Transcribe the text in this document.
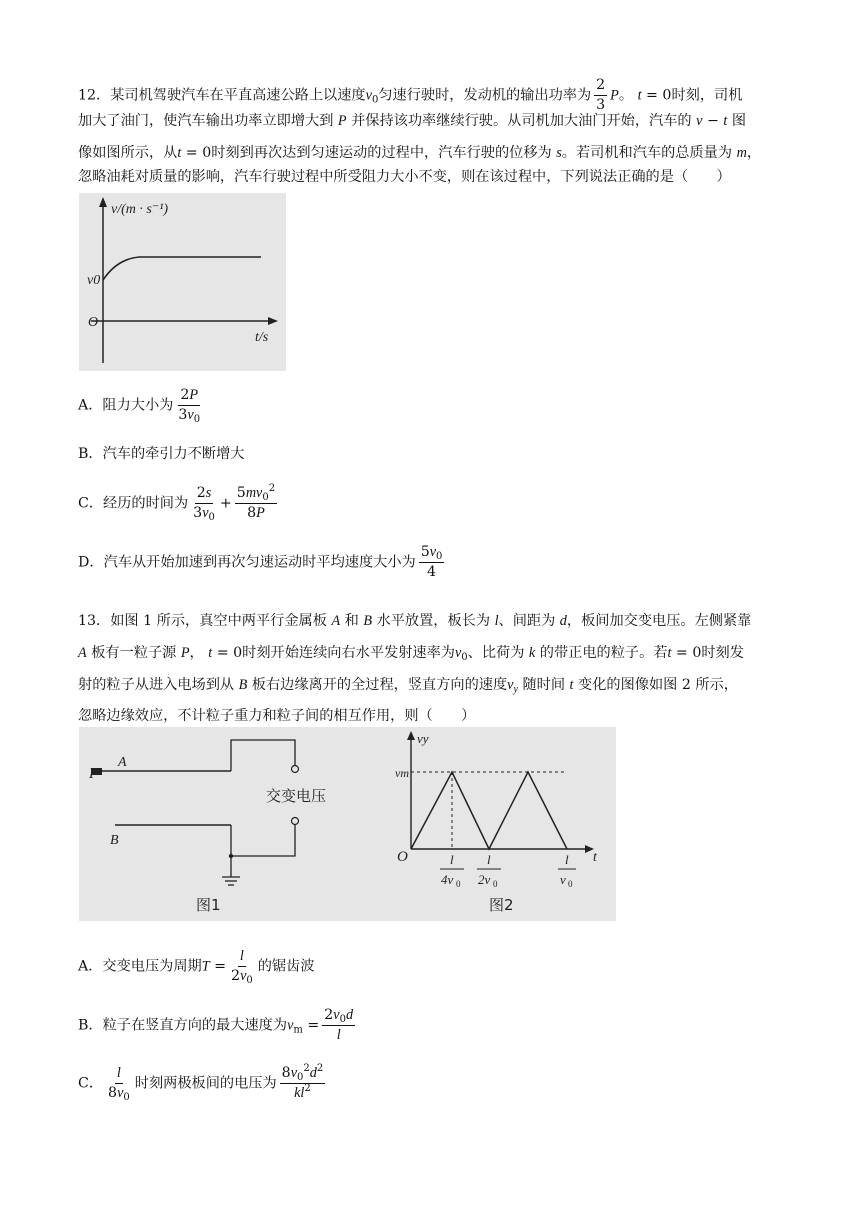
12．某司机驾驶汽车在平直高速公路上以速度$v_0$匀速行驶时，发动机的输出功率为 $\frac{2}{3}$ P。 t = 0时刻，司机
加大了油门，使汽车输出功率立即增大到 P 并保持该功率继续行驶。从司机加大油门开始，汽车的 v − t 图
像如图所示，从t = 0时刻到再次达到匀速运动的过程中，汽车行驶的位移为 s。若司机和汽车的总质量为 m，
忽略油耗对质量的影响，汽车行驶过程中所受阻力大小不变，则在该过程中，下列说法正确的是（　　）
v/(m · s⁻¹)
t/s
O
v0
A．阻力大小为 $\frac{2P}{3v_0}$
B．汽车的牵引力不断增大
C．经历的时间为 $\frac{2s}{3v_0} + \frac{5mv_0^2}{8P}$
D．汽车从开始加速到再次匀速运动时平均速度大小为 $\frac{5v_0}{4}$
13．如图 1 所示，真空中两平行金属板 A 和 B 水平放置，板长为 l、间距为 d，板间加交变电压。左侧紧靠
A 板有一粒子源 P， t = 0时刻开始连续向右水平发射速率为$v_0$、比荷为 k 的带正电的粒子。若t = 0时刻发
射的粒子从进入电场到从 B 板右边缘离开的全过程，竖直方向的速度$v_y$ 随时间 t 变化的图像如图 2 所示，
忽略边缘效应，不计粒子重力和粒子间的相互作用，则（　　）
P
A
B
交变电压
图1
vy
vm
O	t
l
4v 0
l
2v 0
l
v 0
图2
A．交变电压为周期$T = \frac{l}{2v_0}$ 的锯齿波
B．粒子在竖直方向的最大速度为$v_m = \frac{2v_0d}{l}$
C． $\frac{l}{8v_0}$ 时刻两极板间的电压为 $\frac{8v_0^2d^2}{kl^2}$
